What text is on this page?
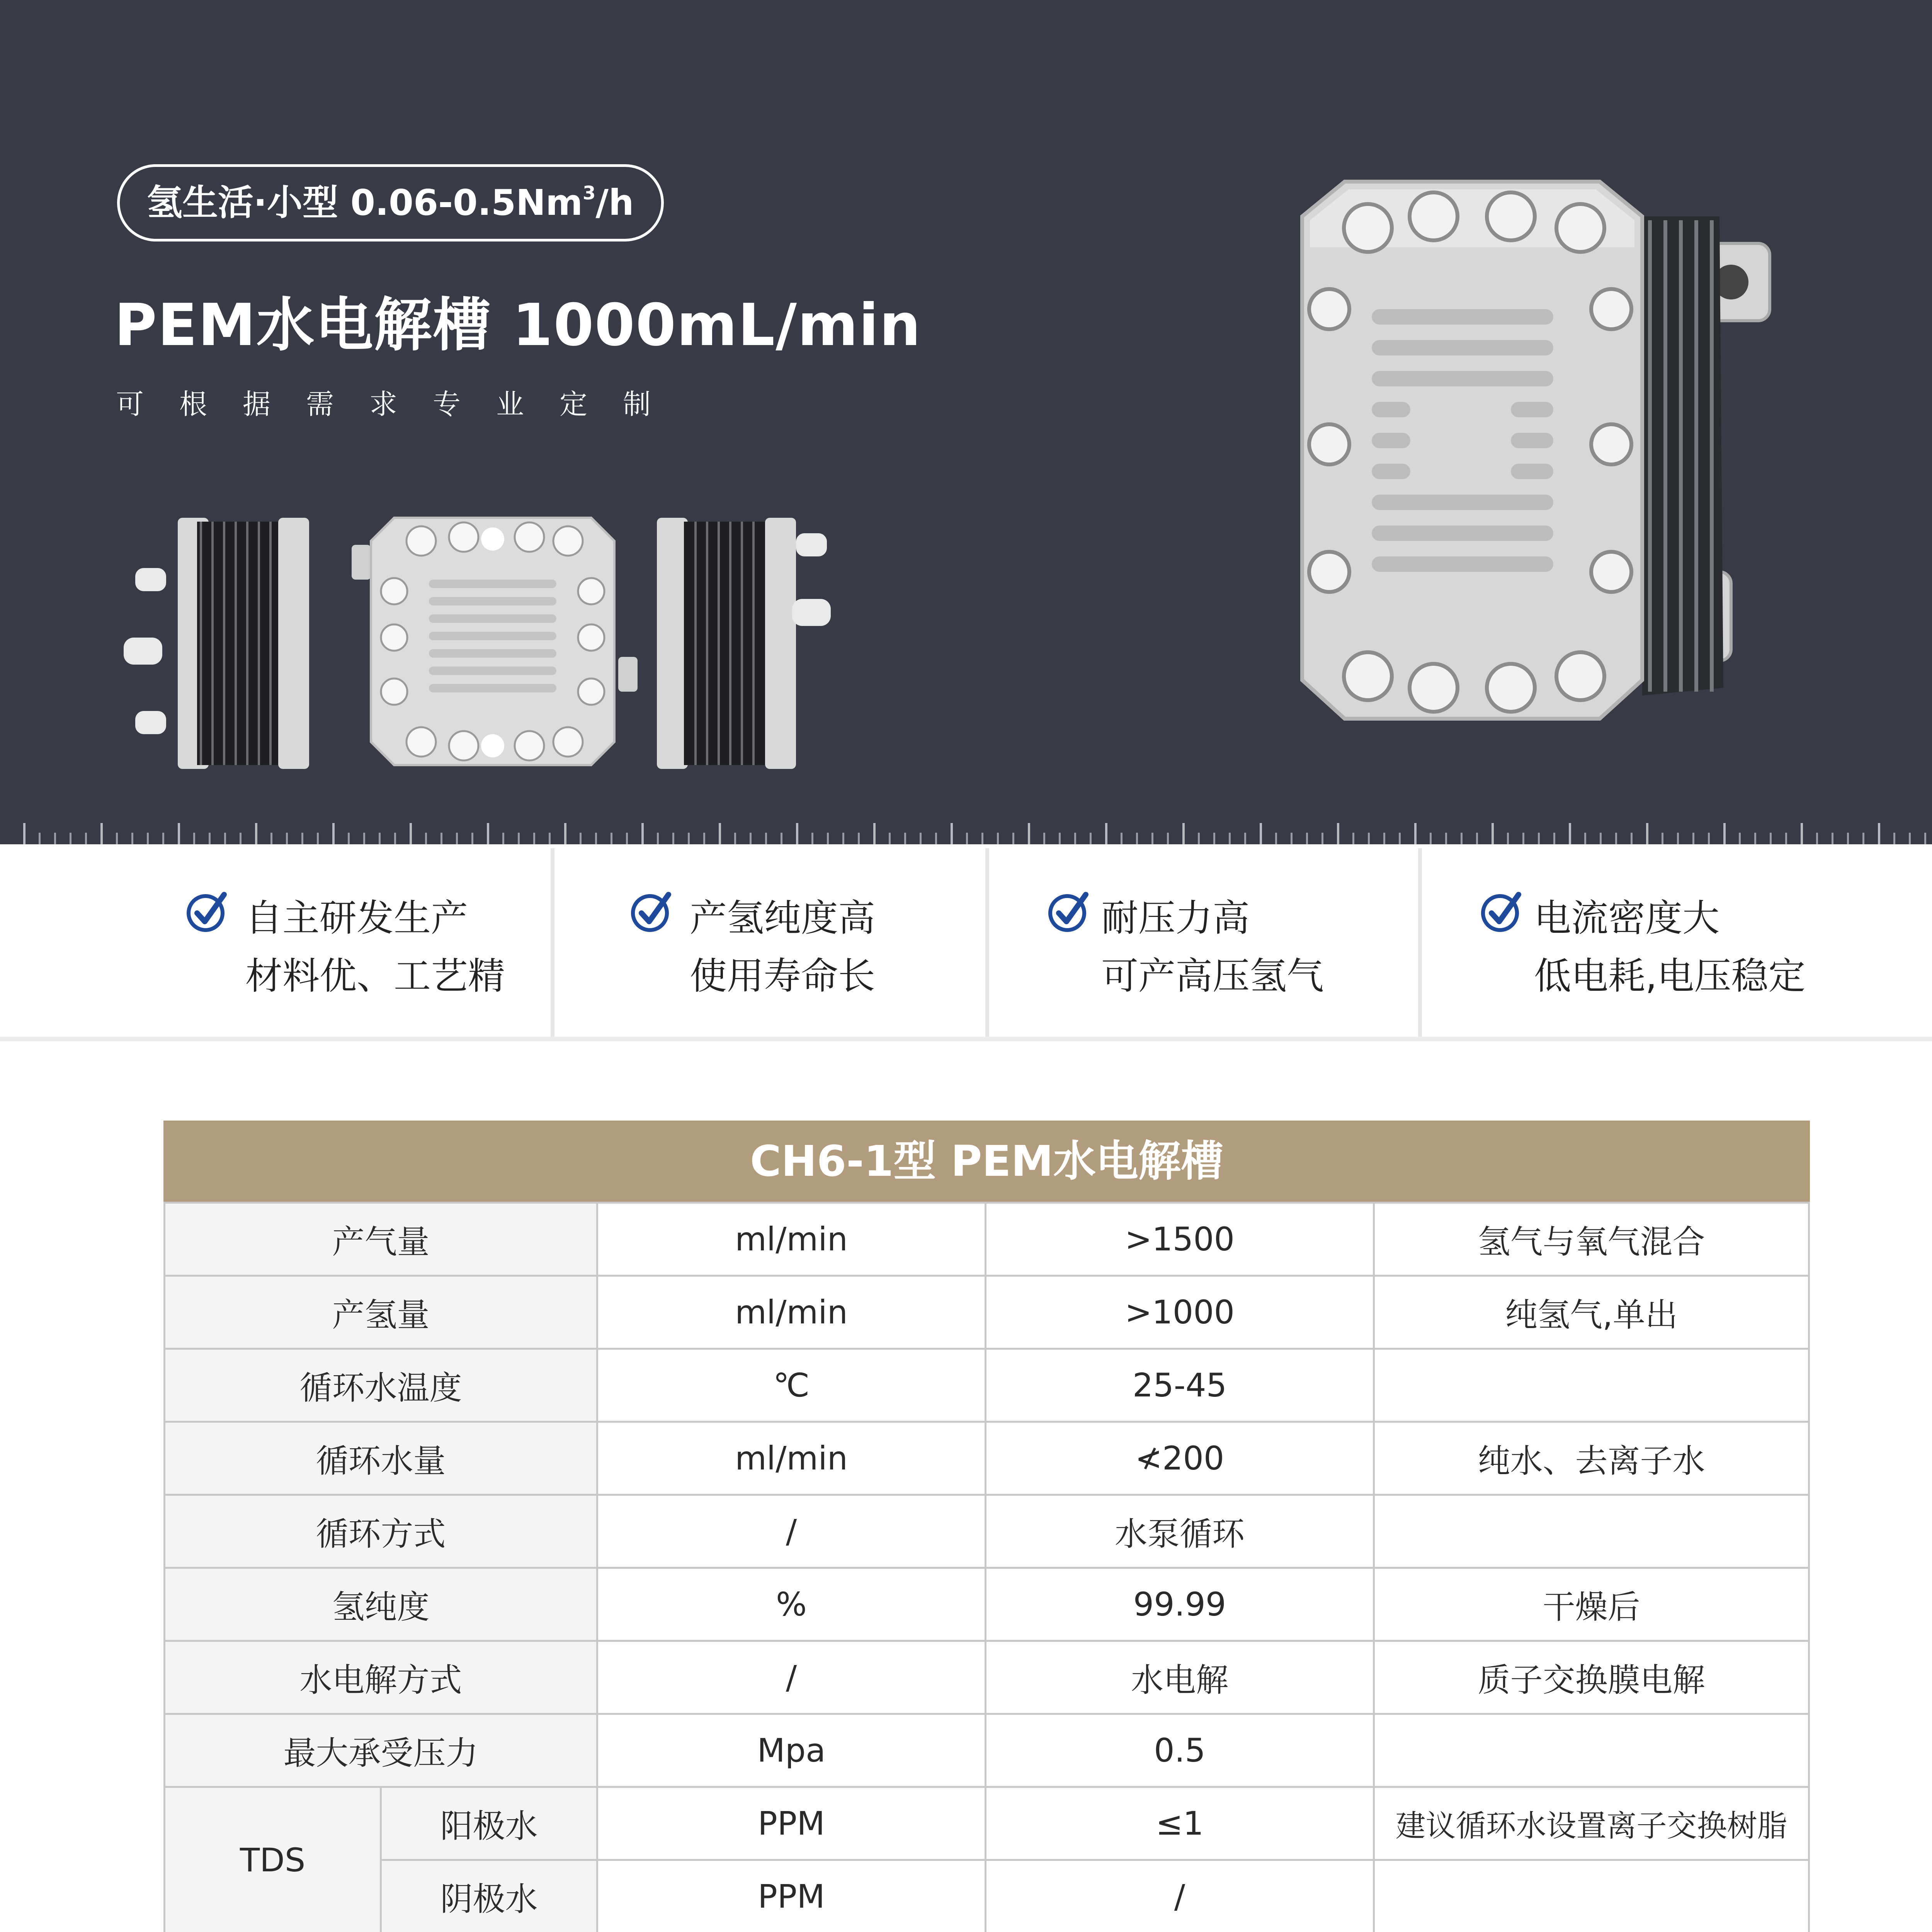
氢生活·小型 0.06-0.5Nm$^3$/h
PEM水电解槽 1000mL/min
可根据需求专业定制
自主研发生产
材料优、工艺精
产氢纯度高
使用寿命长
耐压力高
可产高压氢气
电流密度大
低电耗,电压稳定
CH6-1型 PEM水电解槽
产气量		ml/min	>1500	氢气与氧气混合
产氢量		ml/min	>1000	纯氢气,单出
循环水温度		℃	25-45	
循环水量		ml/min	≮200	纯水、去离子水
循环方式		/	水泵循环	
氢纯度		%	99.99	干燥后
水电解方式		/	水电解	质子交换膜电解
最大承受压力		Mpa	0.5	
TDS	阳极水	PPM	≤1	建议循环水设置离子交换树脂
	阴极水	PPM	/	
